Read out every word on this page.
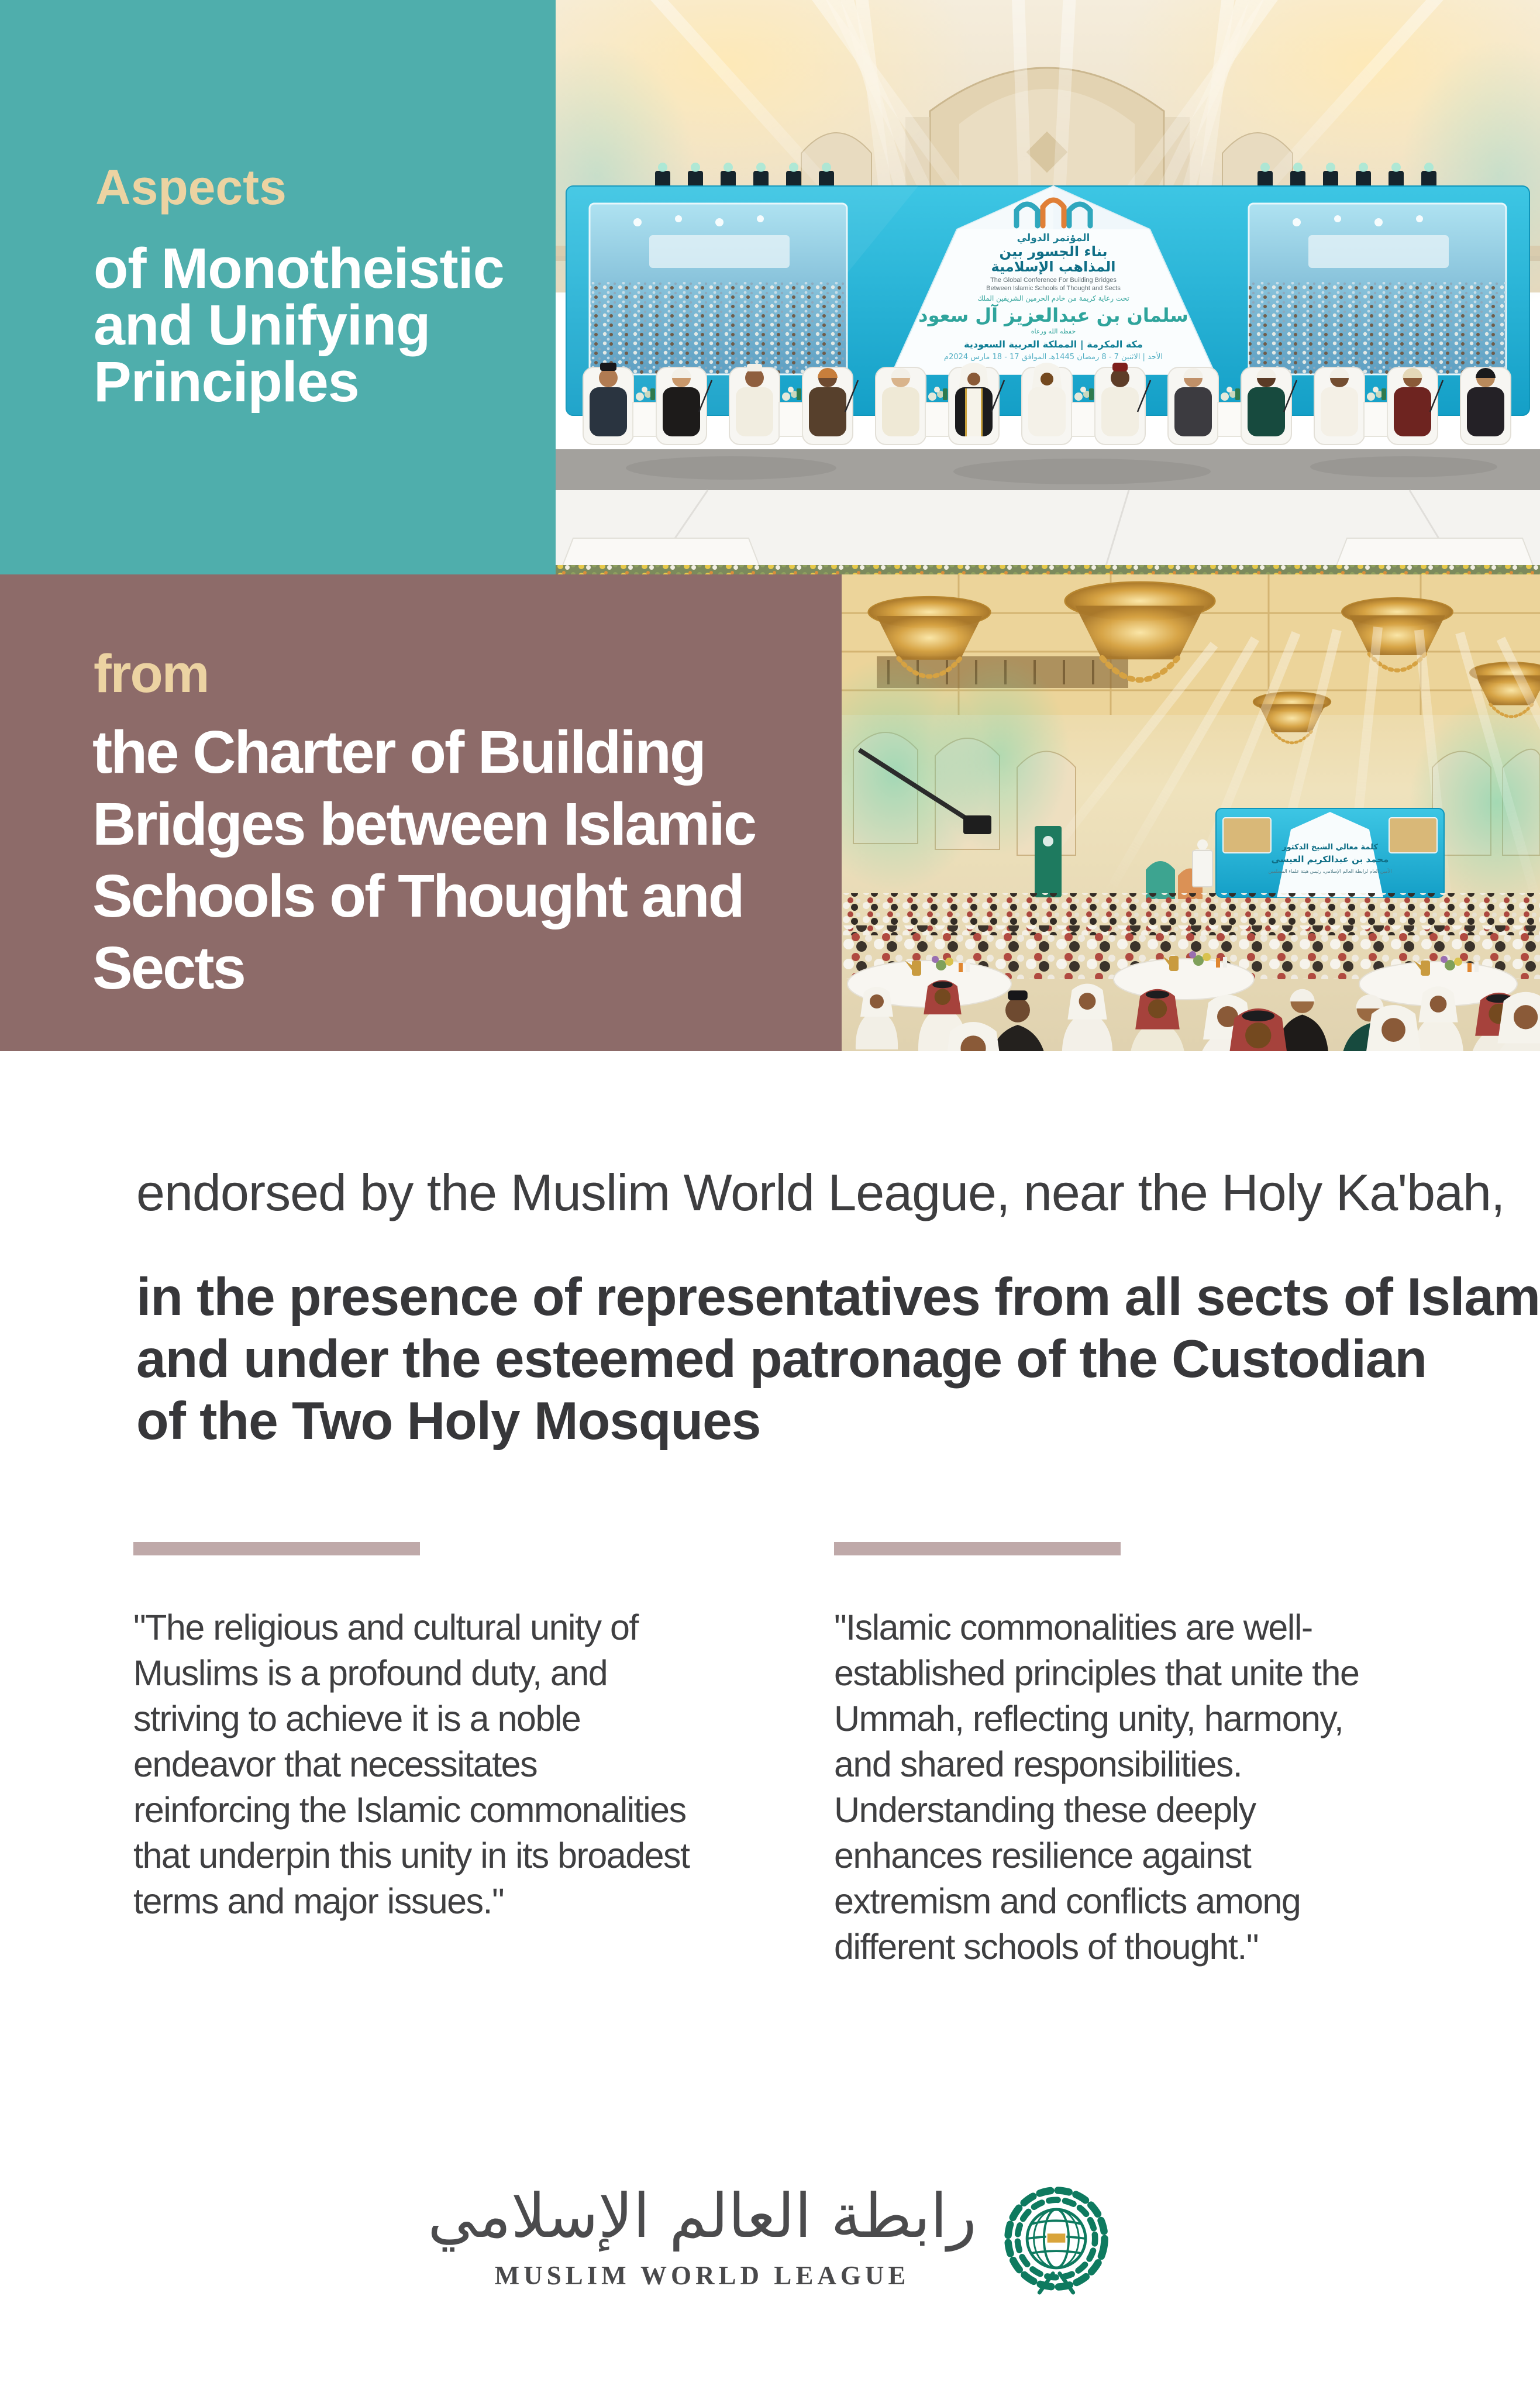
Aspects
of Monotheistic
and Unifying
Principles
المؤتمر الدولي
بناء الجسور بين
المذاهب الإسلامية
The Global Conference For Building Bridges
Between Islamic Schools of Thought and Sects
تحت رعاية كريمة من خادم الحرمين الشريفين الملك
سلمان بن عبدالعزيز آل سعود
حفظه الله ورعاه
مكة المكرمة | المملكة العربية السعودية
الأحد | الاثنين 7 - 8 رمضان 1445هـ الموافق 17 - 18 مارس 2024م
from
the Charter of Building
Bridges between Islamic
Schools of Thought and
Sects
كلمة معالي الشيخ الدكتور
محمد بن عبدالكريم العيسى
الأمين العام لرابطة العالم الإسلامي، رئيس هيئة علماء المسلمين

endorsed by the Muslim World League, near the Holy Ka'bah,

in the presence of representatives from all sects of Islam
and under the esteemed patronage of the Custodian
of the Two Holy Mosques

"The religious and cultural unity of Muslims is a profound duty, and striving to achieve it is a noble endeavor that necessitates reinforcing the Islamic commonalities that underpin this unity in its broadest terms and major issues."

"Islamic commonalities are well-established principles that unite the Ummah, reflecting unity, harmony, and shared responsibilities. Understanding these deeply enhances resilience against extremism and conflicts among different schools of thought."

رابطة العالم الإسلامي
MUSLIM WORLD LEAGUE
